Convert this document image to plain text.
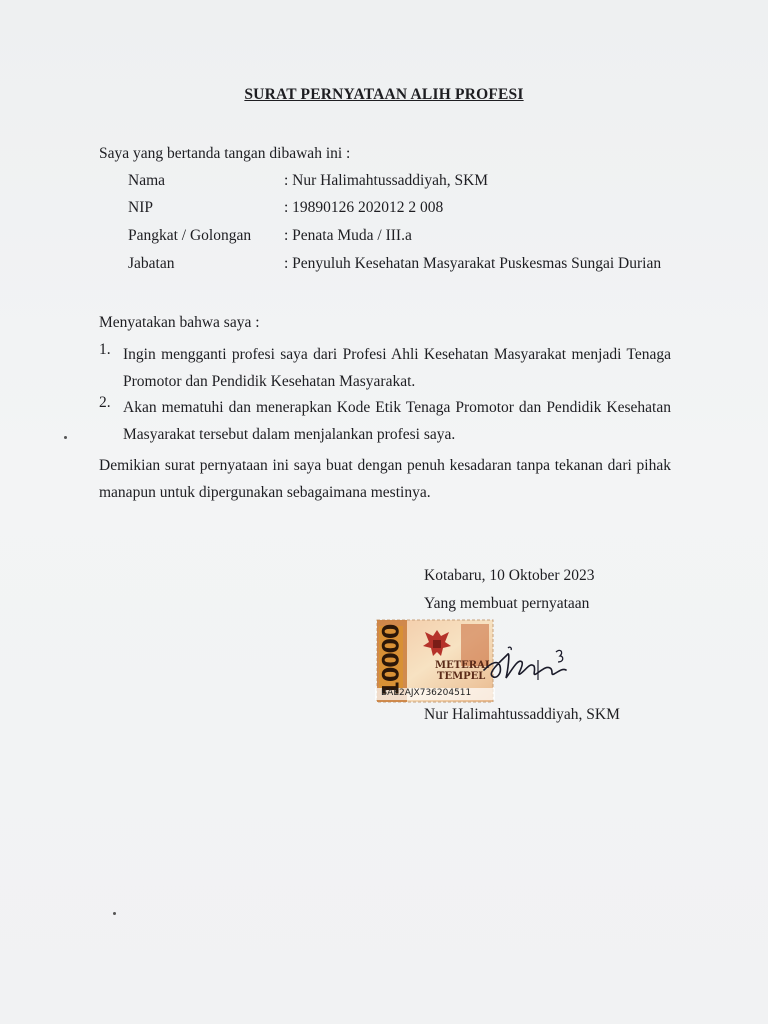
SURAT PERNYATAAN ALIH PROFESI
Saya yang bertanda tangan dibawah ini :
Nama	: Nur Halimahtussaddiyah, SKM
NIP	: 19890126 202012 2 008
Pangkat / Golongan : Penata Muda / III.a
Jabatan	: Penyuluh Kesehatan Masyarakat Puskesmas Sungai Durian
Menyatakan bahwa saya :
1. Ingin mengganti profesi saya dari Profesi Ahli Kesehatan Masyarakat menjadi Tenaga Promotor dan Pendidik Kesehatan Masyarakat.
2. Akan mematuhi dan menerapkan Kode Etik Tenaga Promotor dan Pendidik Kesehatan Masyarakat tersebut dalam menjalankan profesi saya.
Demikian surat pernyataan ini saya buat dengan penuh kesadaran tanpa tekanan dari pihak manapun untuk dipergunakan sebagaimana mestinya.
Kotabaru, 10 Oktober 2023
Yang membuat pernyataan
10000	METERAI
TEMPEL
BAE2AJX736204511
Nur Halimahtussaddiyah, SKM
